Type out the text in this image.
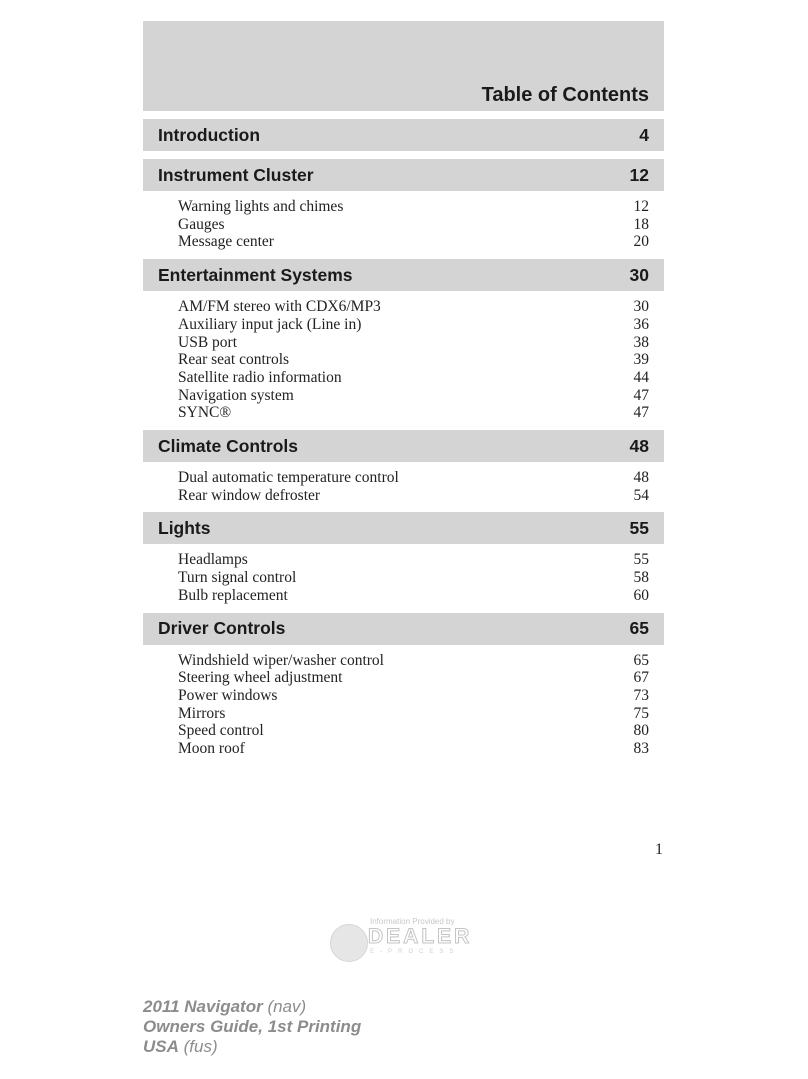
Table of Contents
Introduction	4
Instrument Cluster	12
Warning lights and chimes	12
Gauges	18
Message center	20
Entertainment Systems	30
AM/FM stereo with CDX6/MP3	30
Auxiliary input jack (Line in)	36
USB port	38
Rear seat controls	39
Satellite radio information	44
Navigation system	47
SYNC®	47
Climate Controls	48
Dual automatic temperature control	48
Rear window defroster	54
Lights	55
Headlamps	55
Turn signal control	58
Bulb replacement	60
Driver Controls	65
Windshield wiper/washer control	65
Steering wheel adjustment	67
Power windows	73
Mirrors	75
Speed control	80
Moon roof	83
1
Information Provided by
DEALER
E-PROCESS
2011 Navigator (nav)
Owners Guide, 1st Printing
USA (fus)
